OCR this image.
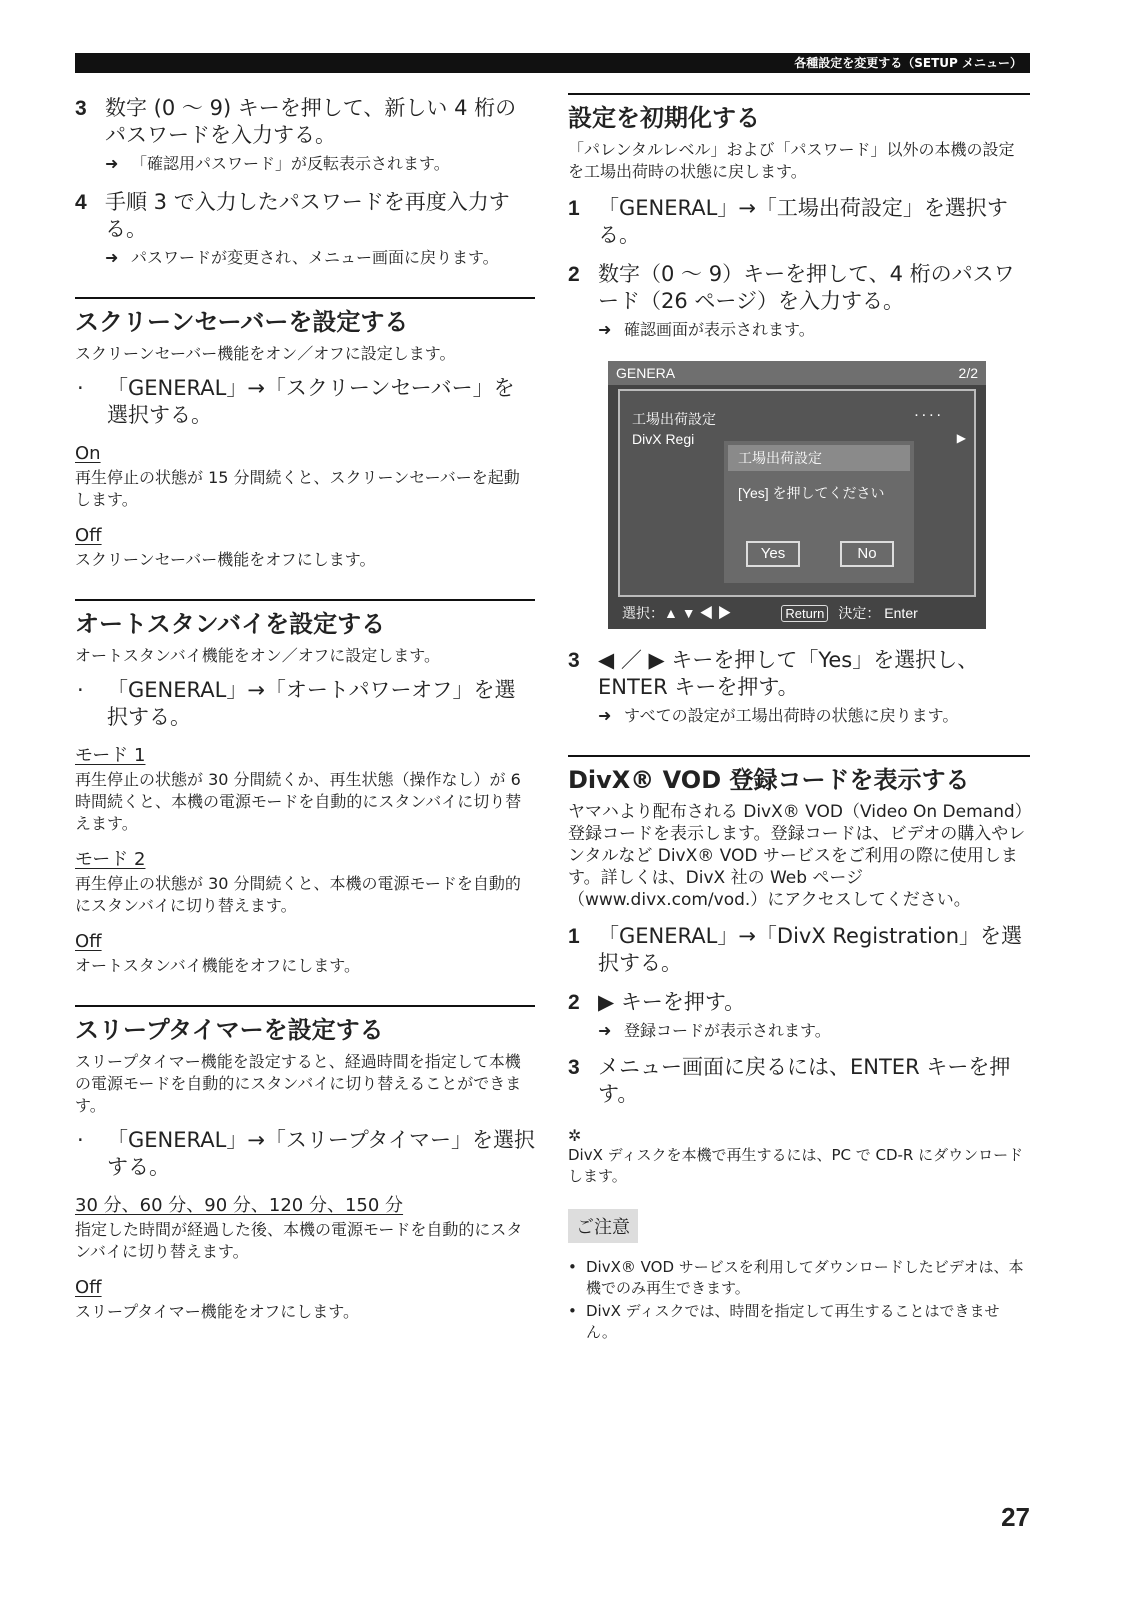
各種設定を変更する（SETUP メニュー）
3 数字 (0 ～ 9) キーを押して、新しい 4 桁のパスワードを入力する。
➜ 「確認用パスワード」が反転表示されます。
4 手順 3 で入力したパスワードを再度入力する。
➜ パスワードが変更され、メニュー画面に戻ります。
スクリーンセーバーを設定する
スクリーンセーバー機能をオン／オフに設定します。
·	「GENERAL」→「スクリーンセーバー」を選択する。
On
再生停止の状態が 15 分間続くと、スクリーンセーバーを起動します。
Off
スクリーンセーバー機能をオフにします。
オートスタンバイを設定する
オートスタンバイ機能をオン／オフに設定します。
·	「GENERAL」→「オートパワーオフ」を選択する。
モード 1
再生停止の状態が 30 分間続くか、再生状態（操作なし）が 6 時間続くと、本機の電源モードを自動的にスタンバイに切り替えます。
モード 2
再生停止の状態が 30 分間続くと、本機の電源モードを自動的にスタンバイに切り替えます。
Off
オートスタンバイ機能をオフにします。
スリープタイマーを設定する
スリープタイマー機能を設定すると、経過時間を指定して本機の電源モードを自動的にスタンバイに切り替えることができます。
·	「GENERAL」→「スリープタイマー」を選択する。
30 分、60 分、90 分、120 分、150 分
指定した時間が経過した後、本機の電源モードを自動的にスタンバイに切り替えます。
Off
スリープタイマー機能をオフにします。
設定を初期化する
「パレンタルレベル」および「パスワード」以外の本機の設定を工場出荷時の状態に戻します。
1 「GENERAL」→「工場出荷設定」を選択する。
2 数字（0 ～ 9）キーを押して、4 桁のパスワード（26 ページ）を入力する。
➜ 確認画面が表示されます。
GENERA	2/2
工場出荷設定	....
DivX Regi	▶
工場出荷設定
[Yes] を押してください
Yes	No
選択：▲ ▼ ◀ ▶	Return 決定： Enter
3 ◀ ／ ▶ キーを押して「Yes」を選択し、ENTER キーを押す。
➜ すべての設定が工場出荷時の状態に戻ります。
DivX® VOD 登録コードを表示する
ヤマハより配布される DivX® VOD（Video On Demand）登録コードを表示します。登録コードは、ビデオの購入やレンタルなど DivX® VOD サービスをご利用の際に使用します。詳しくは、DivX 社の Web ページ（www.divx.com/vod.）にアクセスしてください。
1 「GENERAL」→「DivX Registration」を選択する。
2 ▶ キーを押す。
➜ 登録コードが表示されます。
3 メニュー画面に戻るには、ENTER キーを押す。
✲
DivX ディスクを本機で再生するには、PC で CD-R にダウンロードします。
ご注意
• DivX® VOD サービスを利用してダウンロードしたビデオは、本機でのみ再生できます。
• DivX ディスクでは、時間を指定して再生することはできません。
27
